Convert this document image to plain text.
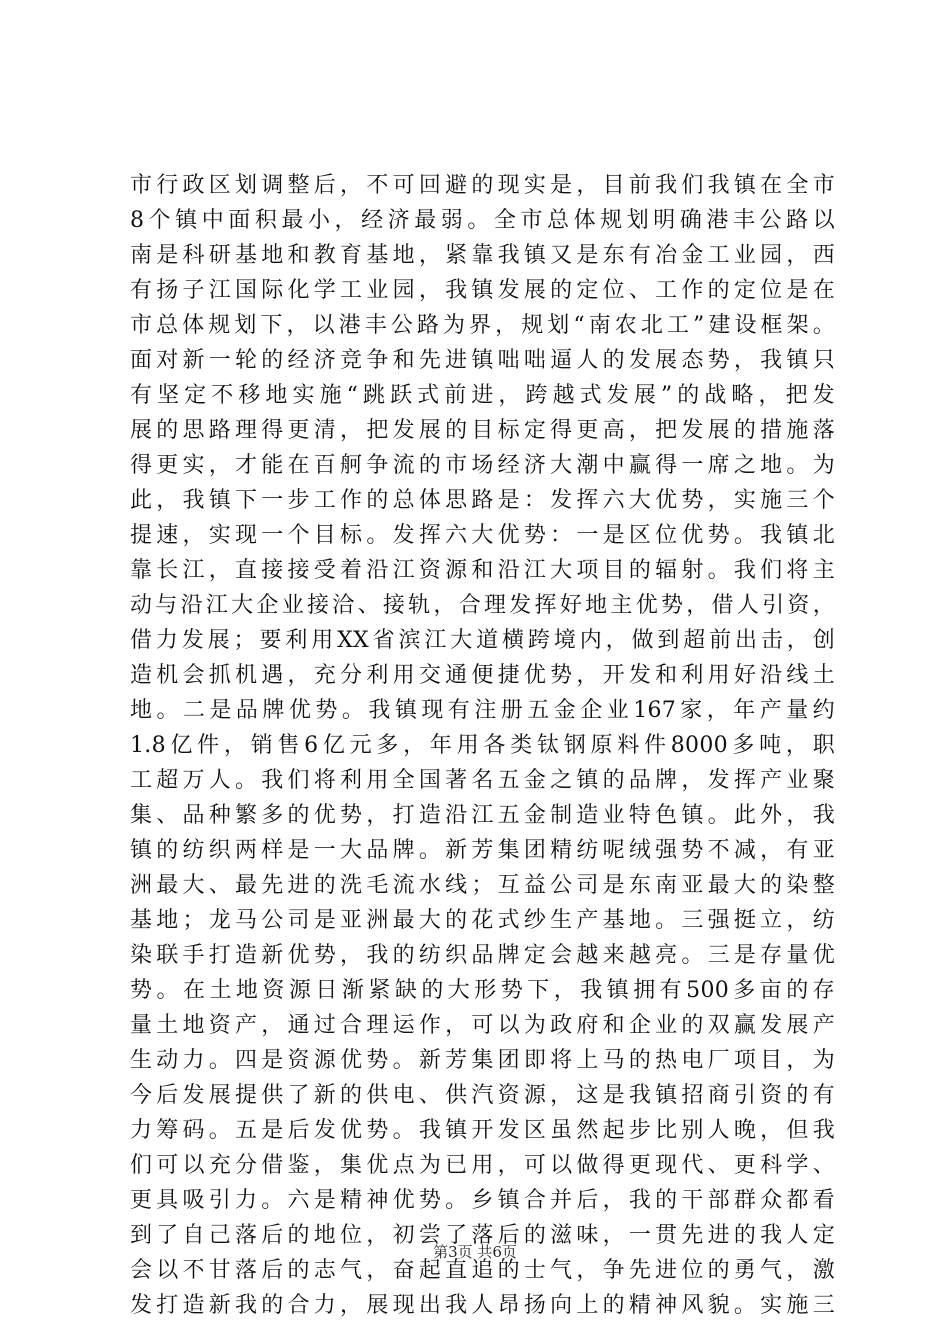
市行政区划调整后，不可回避的现实是，目前我们我镇在全市
8个镇中面积最小，经济最弱。全市总体规划明确港丰公路以
南是科研基地和教育基地，紧靠我镇又是东有冶金工业园，西
有扬子江国际化学工业园，我镇发展的定位、工作的定位是在
市总体规划下，以港丰公路为界，规划“南农北工”建设框架。
面对新一轮的经济竞争和先进镇咄咄逼人的发展态势，我镇只
有坚定不移地实施“跳跃式前进，跨越式发展”的战略，把发
展的思路理得更清，把发展的目标定得更高，把发展的措施落
得更实，才能在百舸争流的市场经济大潮中赢得一席之地。为
此，我镇下一步工作的总体思路是：发挥六大优势，实施三个
提速，实现一个目标。发挥六大优势：一是区位优势。我镇北
靠长江，直接接受着沿江资源和沿江大项目的辐射。我们将主
动与沿江大企业接洽、接轨，合理发挥好地主优势，借人引资，
借力发展；要利用XX省滨江大道横跨境内，做到超前出击，创
造机会抓机遇，充分利用交通便捷优势，开发和利用好沿线土
地。二是品牌优势。我镇现有注册五金企业167家，年产量约
1.8亿件，销售6亿元多，年用各类钛钢原料件8000多吨，职
工超万人。我们将利用全国著名五金之镇的品牌，发挥产业聚
集、品种繁多的优势，打造沿江五金制造业特色镇。此外，我
镇的纺织两样是一大品牌。新芳集团精纺呢绒强势不减，有亚
洲最大、最先进的洗毛流水线；互益公司是东南亚最大的染整
基地；龙马公司是亚洲最大的花式纱生产基地。三强挺立，纺
染联手打造新优势，我的纺织品牌定会越来越亮。三是存量优
势。在土地资源日渐紧缺的大形势下，我镇拥有500多亩的存
量土地资产，通过合理运作，可以为政府和企业的双赢发展产
生动力。四是资源优势。新芳集团即将上马的热电厂项目，为
今后发展提供了新的供电、供汽资源，这是我镇招商引资的有
力筹码。五是后发优势。我镇开发区虽然起步比别人晚，但我
们可以充分借鉴，集优点为已用，可以做得更现代、更科学、
更具吸引力。六是精神优势。乡镇合并后，我的干部群众都看
到了自己落后的地位，初尝了落后的滋味，一贯先进的我人定
会以不甘落后的志气，奋起直追的士气，争先进位的勇气，激
发打造新我的合力，展现出我人昂扬向上的精神风貌。实施三
第3页 共6页
